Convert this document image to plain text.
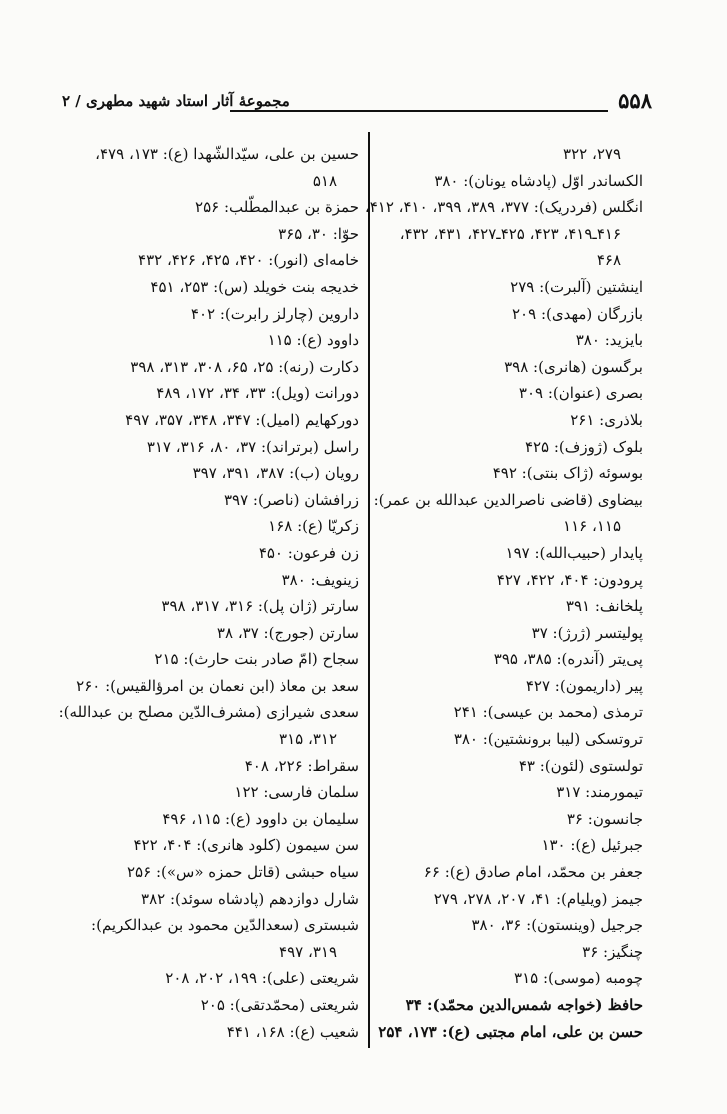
۵۵۸
مجموعهٔ آثار استاد شهید مطهری / ۲

۲۷۹، ۳۲۲

الکساندر اوّل (پادشاه یونان): ۳۸۰

انگلس (فردریک): ۳۷۷، ۳۸۹، ۳۹۹، ۴۱۰، ۴۱۲،
۴۱۶ـ۴۱۹، ۴۲۳، ۴۲۵ـ۴۲۷، ۴۳۱، ۴۳۲،

۴۶۸

اینشتین (آلبرت): ۲۷۹

بازرگان (مهدی): ۲۰۹

بایزید: ۳۸۰

برگسون (هانری): ۳۹۸

بصری (عنوان): ۳۰۹

بلاذری: ۲۶۱

بلوک (ژوزف): ۴۲۵

بوسوئه (ژاک بنتی): ۴۹۲

بیضاوی (قاضی ناصرالدین عبدالله بن عمر):
۱۱۵، ۱۱۶

پایدار (حبیب‌الله): ۱۹۷

پرودون: ۴۰۴، ۴۲۲، ۴۲۷

پلخانف: ۳۹۱

پولیتسر (ژرژ): ۳۷

پی‌یتر (آندره): ۳۸۵، ۳۹۵

پیر (داریمون): ۴۲۷

ترمذی (محمد بن عیسی): ۲۴۱

تروتسکی (لیبا برونشتین): ۳۸۰

تولستوی (لئون): ۴۳

تیمورمند: ۳۱۷

جانسون: ۳۶

جبرئیل (ع): ۱۳۰

جعفر بن محمّد، امام صادق (ع): ۶۶

جیمز (ویلیام): ۴۱، ۲۰۷، ۲۷۸، ۲۷۹

جرجیل (وینستون): ۳۶، ۳۸۰

چنگیز: ۳۶

چومبه (موسی): ۳۱۵

حافظ (خواجه شمس‌الدین محمّد): ۳۴

حسن بن علی، امام مجتبی (ع): ۱۷۳، ۲۵۴

حسین بن علی، سیّدالشّهدا (ع): ۱۷۳، ۴۷۹،
۵۱۸

حمزة بن عبدالمطّلب: ۲۵۶

حوّا: ۳۰، ۳۶۵

خامه‌ای (انور): ۴۲۰، ۴۲۵، ۴۲۶، ۴۳۲

خدیجه بنت خویلد (س): ۲۵۳، ۴۵۱

داروین (چارلز رابرت): ۴۰۲

داوود (ع): ۱۱۵

دکارت (رنه): ۲۵، ۶۵، ۳۰۸، ۳۱۳، ۳۹۸

دورانت (ویل): ۳۳، ۳۴، ۱۷۲، ۴۸۹

دورکهایم (امیل): ۳۴۷، ۳۴۸، ۳۵۷، ۴۹۷

راسل (برتراند): ۳۷، ۸۰، ۳۱۶، ۳۱۷

رویان (ب): ۳۸۷، ۳۹۱، ۳۹۷

زرافشان (ناصر): ۳۹۷

زکریّا (ع): ۱۶۸

زن فرعون: ۴۵۰

زینویف: ۳۸۰

سارتر (ژان پل): ۳۱۶، ۳۱۷، ۳۹۸

سارتن (جورج): ۳۷، ۳۸

سجاح (امّ صادر بنت حارث): ۲۱۵

سعد بن معاذ (ابن نعمان بن امرؤالقیس): ۲۶۰

سعدی شیرازی (مشرف‌الدّین مصلح بن عبدالله):
۳۱۲، ۳۱۵

سقراط: ۲۲۶، ۴۰۸

سلمان فارسی: ۱۲۲

سلیمان بن داوود (ع): ۱۱۵، ۴۹۶

سن سیمون (کلود هانری): ۴۰۴، ۴۲۲

سیاه حبشی (قاتل حمزه «س»): ۲۵۶

شارل دوازدهم (پادشاه سوئد): ۳۸۲

شبستری (سعدالدّین محمود بن عبدالکریم):
۳۱۹، ۴۹۷

شریعتی (علی): ۱۹۹، ۲۰۲، ۲۰۸

شریعتی (محمّدتقی): ۲۰۵

شعیب (ع): ۱۶۸، ۴۴۱
